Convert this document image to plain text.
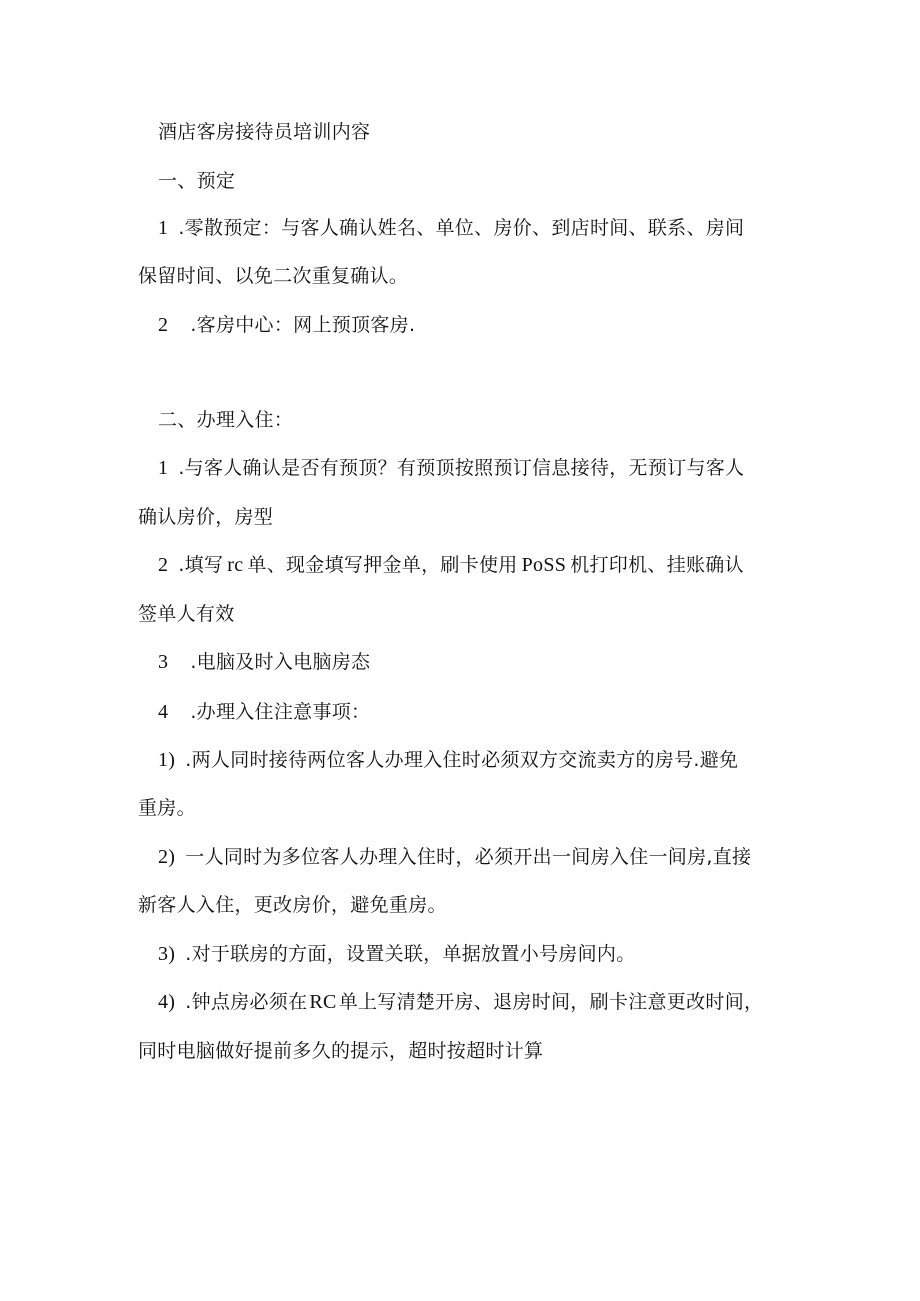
酒店客房接待员培训内容
一、预定
1 .零散预定：与客人确认姓名、单位、房价、到店时间、联系、房间
保留时间、以免二次重复确认。
2 .客房中心：网上预顶客房.
二、办理入住：
1 .与客人确认是否有预顶？有预顶按照预订信息接待，无预订与客人
确认房价，房型
2 .填写 rc 单、现金填写押金单，刷卡使用 PoSS 机打印机、挂账确认
签单人有效
3 .电脑及时入电脑房态
4 .办理入住注意事项：
1) .两人同时接待两位客人办理入住时必须双方交流卖方的房号.避免
重房。
2) 一人同时为多位客人办理入住时，必须开出一间房入住一间房,直接
新客人入住，更改房价，避免重房。
3) .对于联房的方面，设置关联，单据放置小号房间内。
4) .钟点房必须在 RC 单上写清楚开房、退房时间，刷卡注意更改时间，
同时电脑做好提前多久的提示，超时按超时计算
